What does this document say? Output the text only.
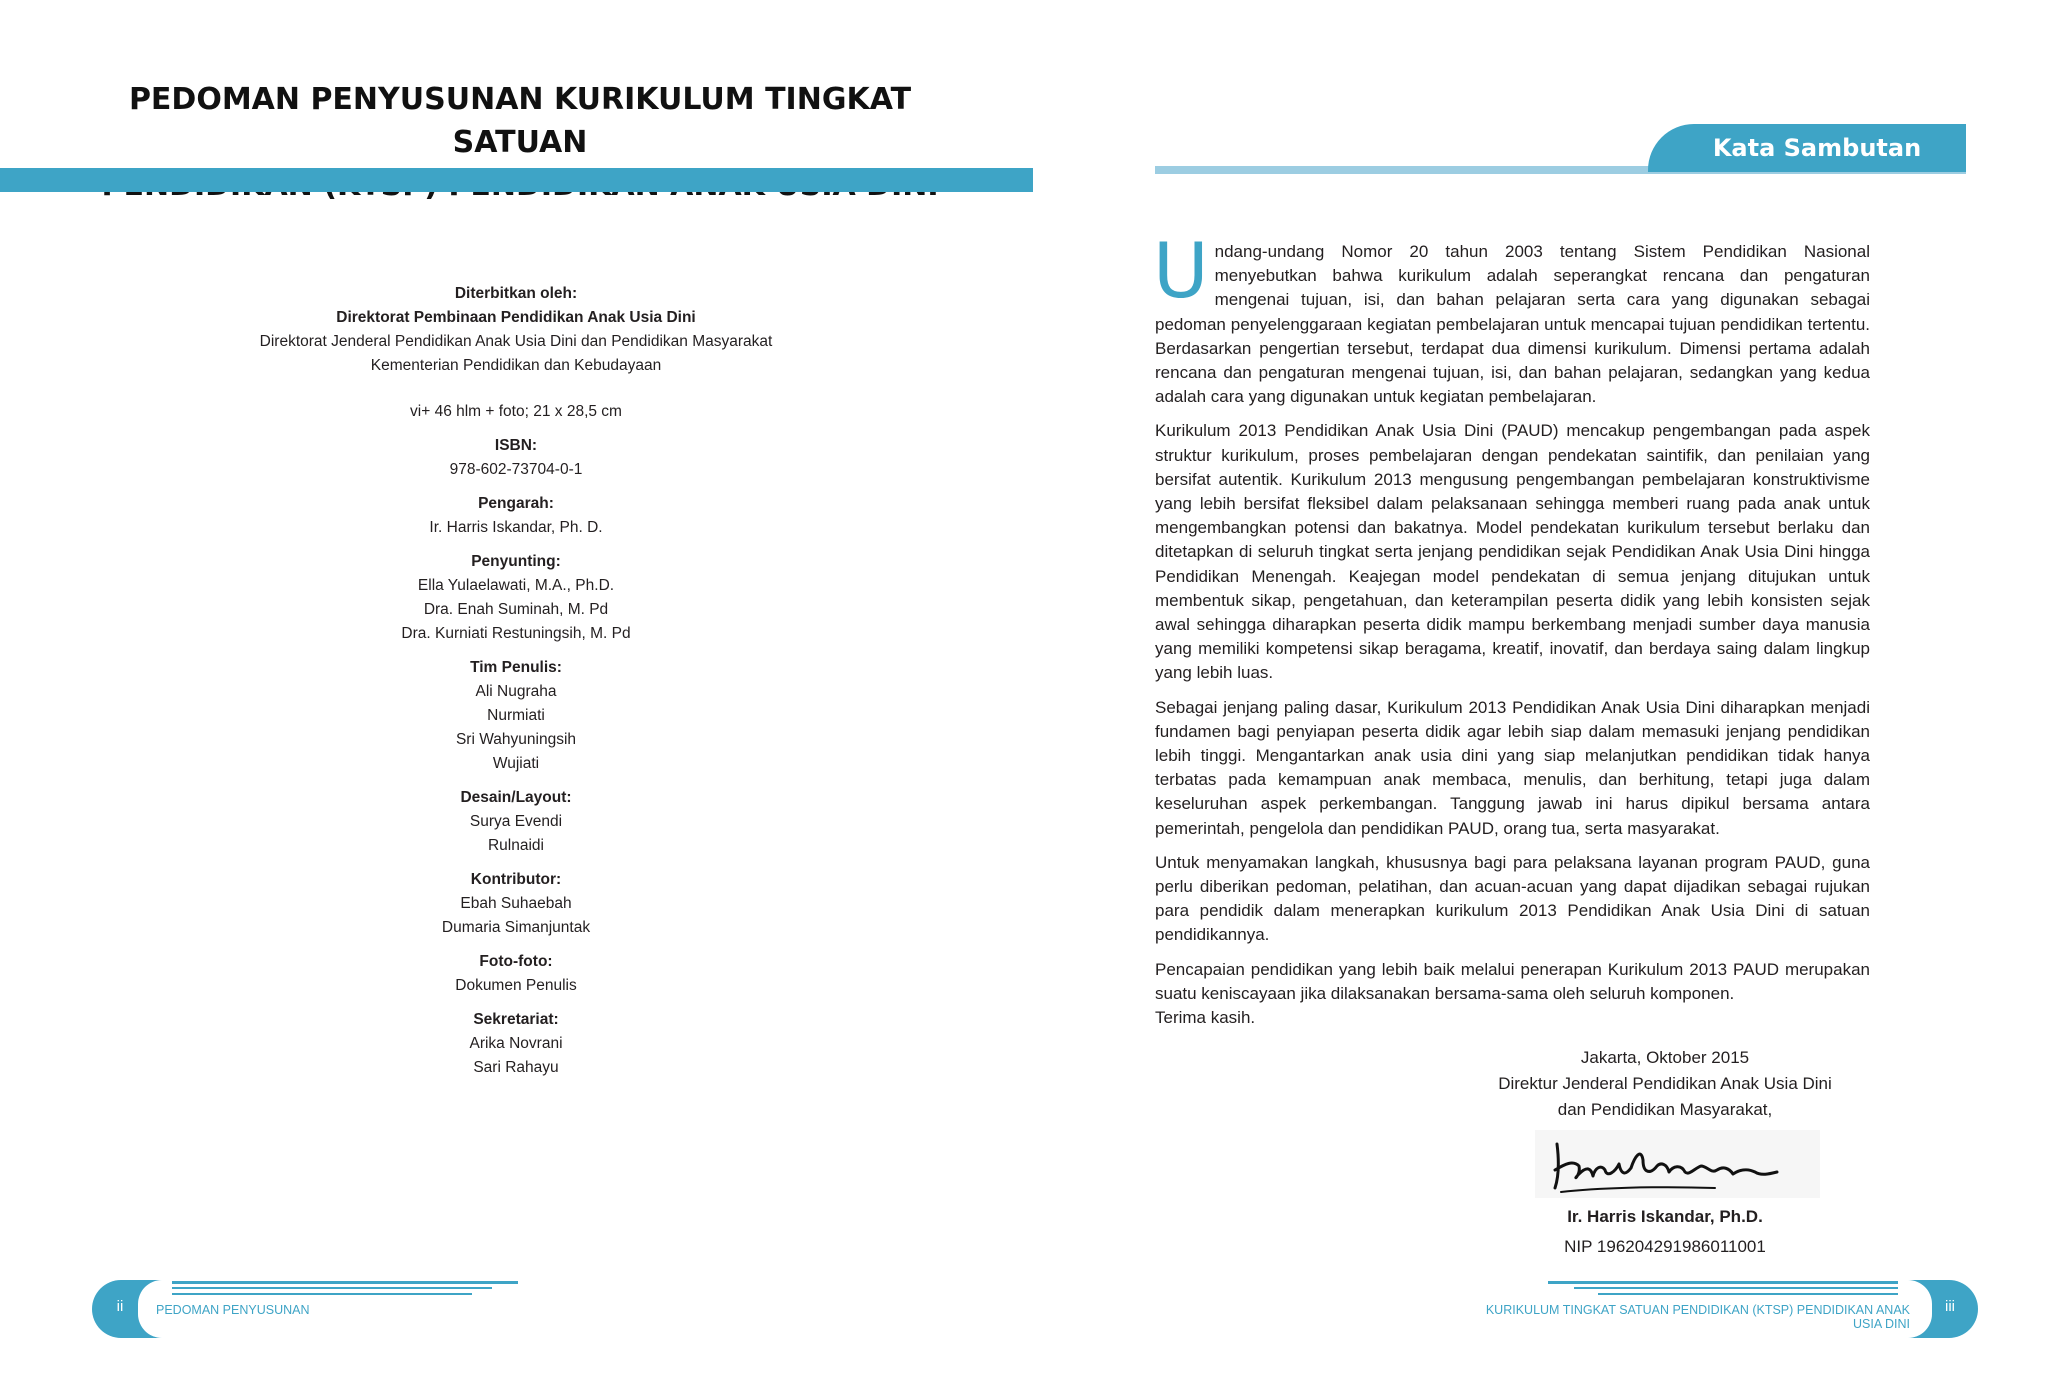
PEDOMAN PENYUSUNAN KURIKULUM TINGKAT SATUAN
Diterbitkan oleh:
Direktorat Pembinaan Pendidikan Anak Usia Dini
Direktorat Jenderal Pendidikan Anak Usia Dini dan Pendidikan Masyarakat
Kementerian Pendidikan dan Kebudayaan
vi+ 46 hlm + foto; 21 x 28,5 cm
ISBN:
978-602-73704-0-1
Pengarah:
Ir. Harris Iskandar, Ph. D.
Penyunting:
Ella Yulaelawati, M.A., Ph.D.
Dra. Enah Suminah, M. Pd
Dra. Kurniati Restuningsih, M. Pd
Tim Penulis:
Ali Nugraha
Nurmiati
Sri Wahyuningsih
Wujiati
Desain/Layout:
Surya Evendi
Rulnaidi
Kontributor:
Ebah Suhaebah
Dumaria Simanjuntak
Foto-foto:
Dokumen Penulis
Sekretariat:
Arika Novrani
Sari Rahayu
Kata Sambutan

Undang-undang Nomor 20 tahun 2003 tentang Sistem Pendidikan Nasional menyebutkan bahwa kurikulum adalah seperangkat rencana dan pengaturan mengenai tujuan, isi, dan bahan pelajaran serta cara yang digunakan sebagai pedoman penyelenggaraan kegiatan pembelajaran untuk mencapai tujuan pendidikan tertentu. Berdasarkan pengertian tersebut, terdapat dua dimensi kurikulum. Dimensi pertama adalah rencana dan pengaturan mengenai tujuan, isi, dan bahan pelajaran, sedangkan yang kedua adalah cara yang digunakan untuk kegiatan pembelajaran.

Kurikulum 2013 Pendidikan Anak Usia Dini (PAUD) mencakup pengembangan pada aspek struktur kurikulum, proses pembelajaran dengan pendekatan saintifik, dan penilaian yang bersifat autentik. Kurikulum 2013 mengusung pengembangan pembelajaran konstruktivisme yang lebih bersifat fleksibel dalam pelaksanaan sehingga memberi ruang pada anak untuk mengembangkan potensi dan bakatnya. Model pendekatan kurikulum tersebut berlaku dan ditetapkan di seluruh tingkat serta jenjang pendidikan sejak Pendidikan Anak Usia Dini hingga Pendidikan Menengah. Keajegan model pendekatan di semua jenjang ditujukan untuk membentuk sikap, pengetahuan, dan keterampilan peserta didik yang lebih konsisten sejak awal sehingga diharapkan peserta didik mampu berkembang menjadi sumber daya manusia yang memiliki kompetensi sikap beragama, kreatif, inovatif, dan berdaya saing dalam lingkup yang lebih luas.

Sebagai jenjang paling dasar, Kurikulum 2013 Pendidikan Anak Usia Dini diharapkan menjadi fundamen bagi penyiapan peserta didik agar lebih siap dalam memasuki jenjang pendidikan lebih tinggi. Mengantarkan anak usia dini yang siap melanjutkan pendidikan tidak hanya terbatas pada kemampuan anak membaca, menulis, dan berhitung, tetapi juga dalam keseluruhan aspek perkembangan. Tanggung jawab ini harus dipikul bersama antara pemerintah, pengelola dan pendidikan PAUD, orang tua, serta masyarakat.

Untuk menyamakan langkah, khususnya bagi para pelaksana layanan program PAUD, guna perlu diberikan pedoman, pelatihan, dan acuan-acuan yang dapat dijadikan sebagai rujukan para pendidik dalam menerapkan kurikulum 2013 Pendidikan Anak Usia Dini di satuan pendidikannya.

Pencapaian pendidikan yang lebih baik melalui penerapan Kurikulum 2013 PAUD merupakan suatu keniscayaan jika dilaksanakan bersama-sama oleh seluruh komponen.

Terima kasih.

Jakarta, Oktober 2015
Direktur Jenderal Pendidikan Anak Usia Dini
dan Pendidikan Masyarakat,
Ir. Harris Iskandar, Ph.D.
NIP 196204291986011001
ii	PEDOMAN PENYUSUNAN	iii
KURIKULUM TINGKAT SATUAN PENDIDIKAN (KTSP) PENDIDIKAN ANAK USIA DINI
